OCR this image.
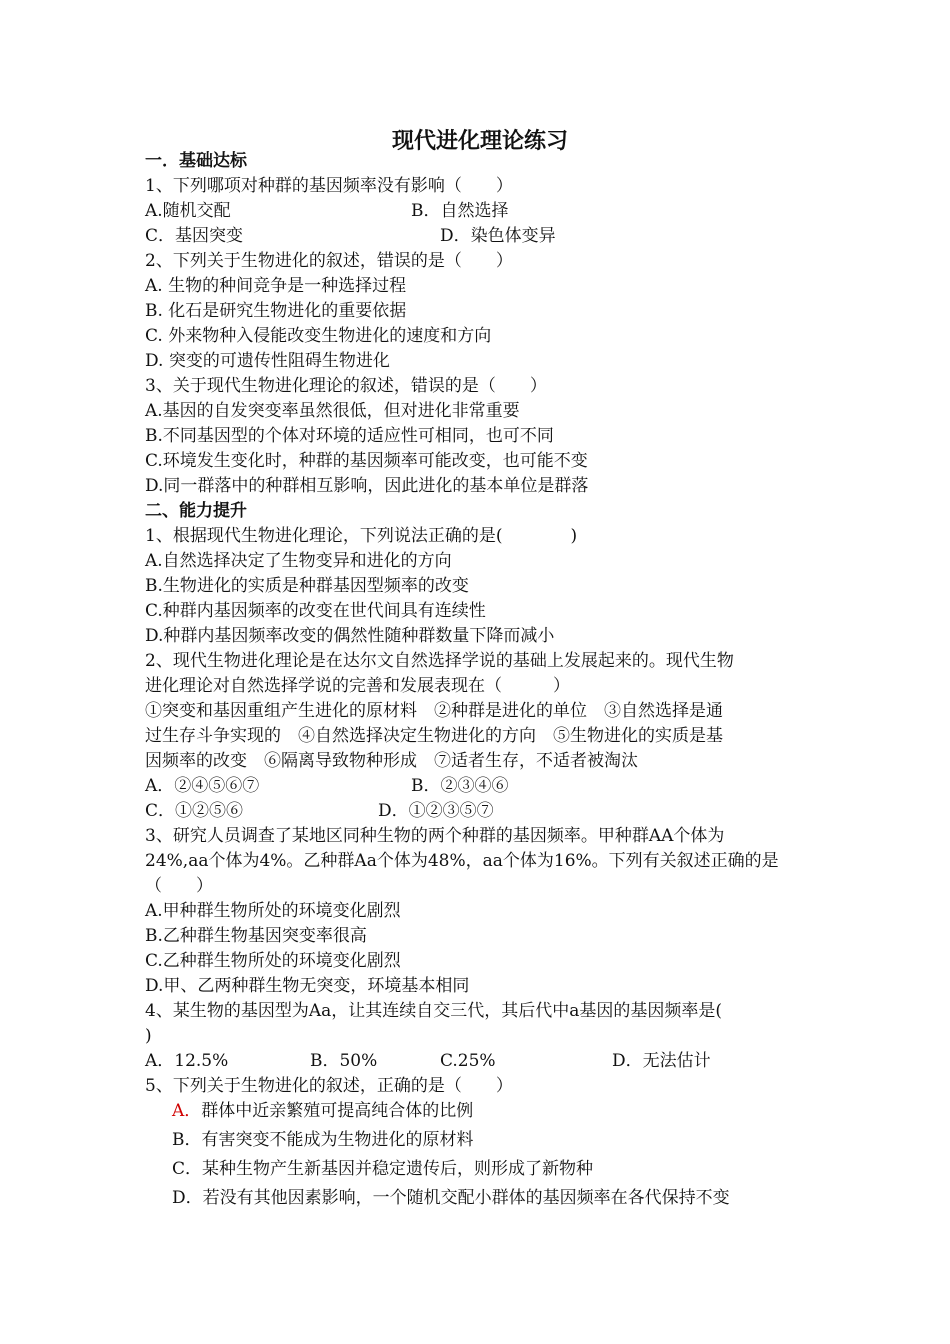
现代进化理论练习
一．基础达标
1、下列哪项对种群的基因频率没有影响（　　）
A.随机交配	B．自然选择
C．基因突变	D．染色体变异
2、下列关于生物进化的叙述，错误的是（　　）
A. 生物的种间竞争是一种选择过程
B. 化石是研究生物进化的重要依据
C. 外来物种入侵能改变生物进化的速度和方向
D. 突变的可遗传性阻碍生物进化
3、关于现代生物进化理论的叙述，错误的是（　　）
A.基因的自发突变率虽然很低，但对进化非常重要
B.不同基因型的个体对环境的适应性可相同，也可不同
C.环境发生变化时，种群的基因频率可能改变，也可能不变
D.同一群落中的种群相互影响，因此进化的基本单位是群落
二、能力提升
1、根据现代生物进化理论，下列说法正确的是(　　　　)
A.自然选择决定了生物变异和进化的方向
B.生物进化的实质是种群基因型频率的改变
C.种群内基因频率的改变在世代间具有连续性
D.种群内基因频率改变的偶然性随种群数量下降而减小
2、现代生物进化理论是在达尔文自然选择学说的基础上发展起来的。现代生物
进化理论对自然选择学说的完善和发展表现在（　　　）
①突变和基因重组产生进化的原材料　②种群是进化的单位　③自然选择是通
过生存斗争实现的　④自然选择决定生物进化的方向　⑤生物进化的实质是基
因频率的改变　⑥隔离导致物种形成　⑦适者生存，不适者被淘汰
A．②④⑤⑥⑦	B．②③④⑥
C．①②⑤⑥	D．①②③⑤⑦
3、研究人员调查了某地区同种生物的两个种群的基因频率。甲种群AA个体为
24%,aa个体为4%。乙种群Aa个体为48%，aa个体为16%。下列有关叙述正确的是
（　　）
A.甲种群生物所处的环境变化剧烈
B.乙种群生物基因突变率很高
C.乙种群生物所处的环境变化剧烈
D.甲、乙两种群生物无突变，环境基本相同
4、某生物的基因型为Aa，让其连续自交三代，其后代中a基因的基因频率是(
)
A．12.5%	B．50%	C.25%	D．无法估计
5、下列关于生物进化的叙述，正确的是（　　）
A．群体中近亲繁殖可提高纯合体的比例
B．有害突变不能成为生物进化的原材料
C．某种生物产生新基因并稳定遗传后，则形成了新物种
D．若没有其他因素影响，一个随机交配小群体的基因频率在各代保持不变
